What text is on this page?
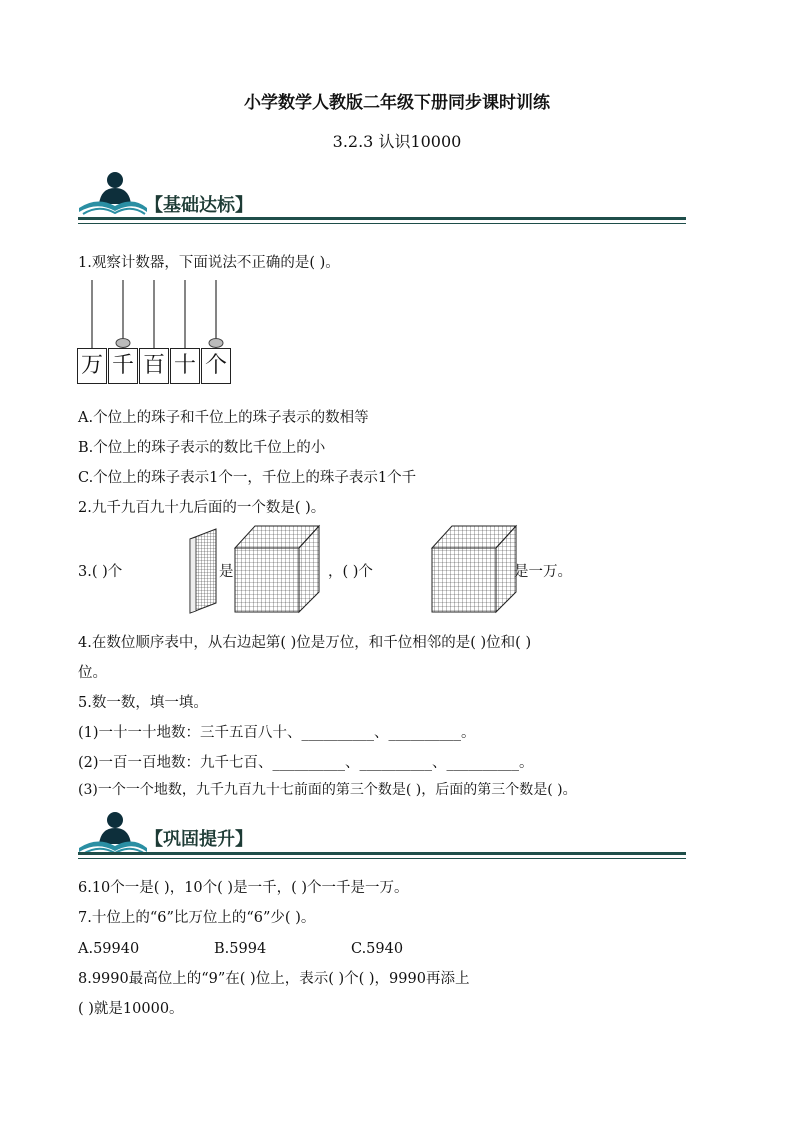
小学数学人教版二年级下册同步课时训练
3.2.3 认识10000
【基础达标】
1.观察计数器，下面说法不正确的是( )。
万 千 百 十 个
A.个位上的珠子和千位上的珠子表示的数相等
B.个位上的珠子表示的数比千位上的小
C.个位上的珠子表示1个一，千位上的珠子表示1个千
2.九千九百九十九后面的一个数是( )。
3.( )个	是	，( )个	是一万。
4.在数位顺序表中，从右边起第( )位是万位，和千位相邻的是( )位和( )
位。
5.数一数，填一填。
(1)一十一十地数：三千五百八十、__________、__________。
(2)一百一百地数：九千七百、__________、__________、__________。
(3)一个一个地数，九千九百九十七前面的第三个数是( )，后面的第三个数是( )。
【巩固提升】
6.10个一是( )，10个( )是一千，( )个一千是一万。
7.十位上的“6”比万位上的“6”少( )。
A.59940	B.5994	C.5940
8.9990最高位上的“9”在( )位上，表示( )个( )，9990再添上
( )就是10000。
